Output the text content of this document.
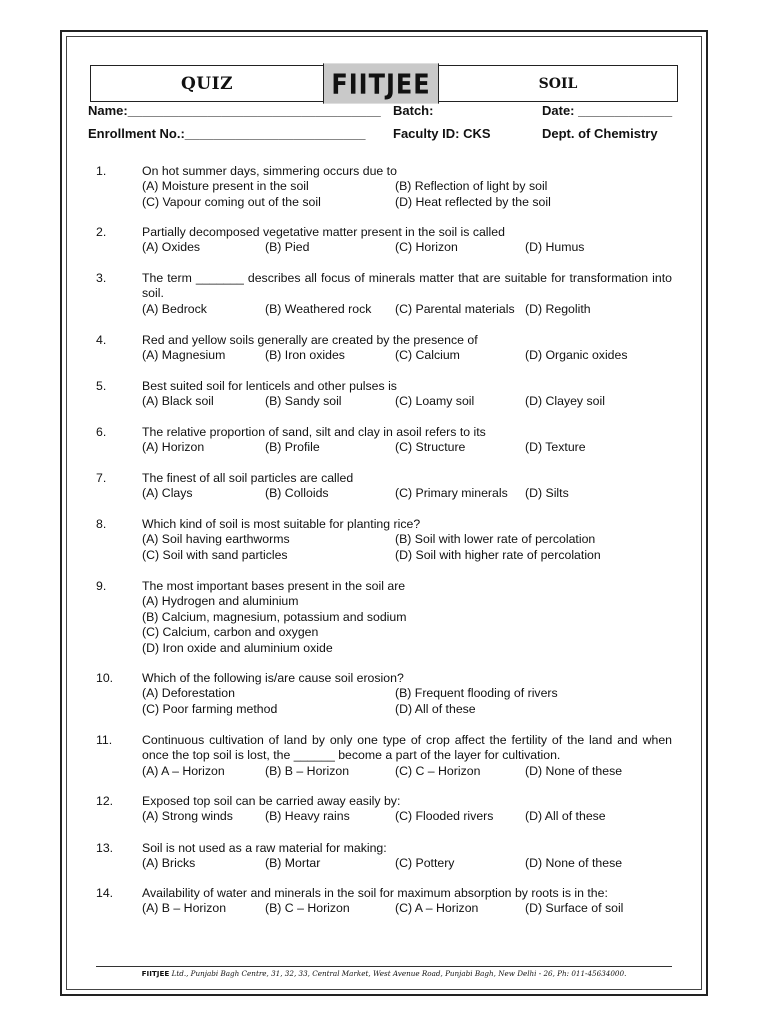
QUIZ	FIITJEE	SOIL
Name:___________________________________ Batch:	Date: _____________
Enrollment No.:_________________________ Faculty ID: CKS	Dept. of Chemistry
1.	On hot summer days, simmering occurs due to
(A) Moisture present in the soil	(B) Reflection of light by soil
(C) Vapour coming out of the soil	(D) Heat reflected by the soil
2.	Partially decomposed vegetative matter present in the soil is called
(A) Oxides	(B) Pied	(C) Horizon	(D) Humus
3.	The term _______ describes all focus of minerals matter that are suitable for transformation into soil.
(A) Bedrock	(B) Weathered rock (C) Parental materials (D) Regolith
4.	Red and yellow soils generally are created by the presence of
(A) Magnesium	(B) Iron oxides	(C) Calcium	(D) Organic oxides
5.	Best suited soil for lenticels and other pulses is
(A) Black soil	(B) Sandy soil	(C) Loamy soil	(D) Clayey soil
6.	The relative proportion of sand, silt and clay in asoil refers to its
(A) Horizon	(B) Profile	(C) Structure	(D) Texture
7.	The finest of all soil particles are called
(A) Clays	(B) Colloids	(C) Primary minerals (D) Silts
8.	Which kind of soil is most suitable for planting rice?
(A) Soil having earthworms	(B) Soil with lower rate of percolation
(C) Soil with sand particles	(D) Soil with higher rate of percolation
9.	The most important bases present in the soil are
(A) Hydrogen and aluminium
(B) Calcium, magnesium, potassium and sodium
(C) Calcium, carbon and oxygen
(D) Iron oxide and aluminium oxide
10. Which of the following is/are cause soil erosion?
(A) Deforestation	(B) Frequent flooding of rivers
(C) Poor farming method	(D) All of these
11. Continuous cultivation of land by only one type of crop affect the fertility of the land and when once the top soil is lost, the ______ become a part of the layer for cultivation.
(A) A – Horizon	(B) B – Horizon	(C) C – Horizon	(D) None of these
12. Exposed top soil can be carried away easily by:
(A) Strong winds	(B) Heavy rains	(C) Flooded rivers	(D) All of these
13. Soil is not used as a raw material for making:
(A) Bricks	(B) Mortar	(C) Pottery	(D) None of these
14. Availability of water and minerals in the soil for maximum absorption by roots is in the:
(A) B – Horizon	(B) C – Horizon	(C) A – Horizon	(D) Surface of soil
FIITJEE Ltd., Punjabi Bagh Centre, 31, 32, 33, Central Market, West Avenue Road, Punjabi Bagh, New Delhi - 26, Ph: 011-45634000.
